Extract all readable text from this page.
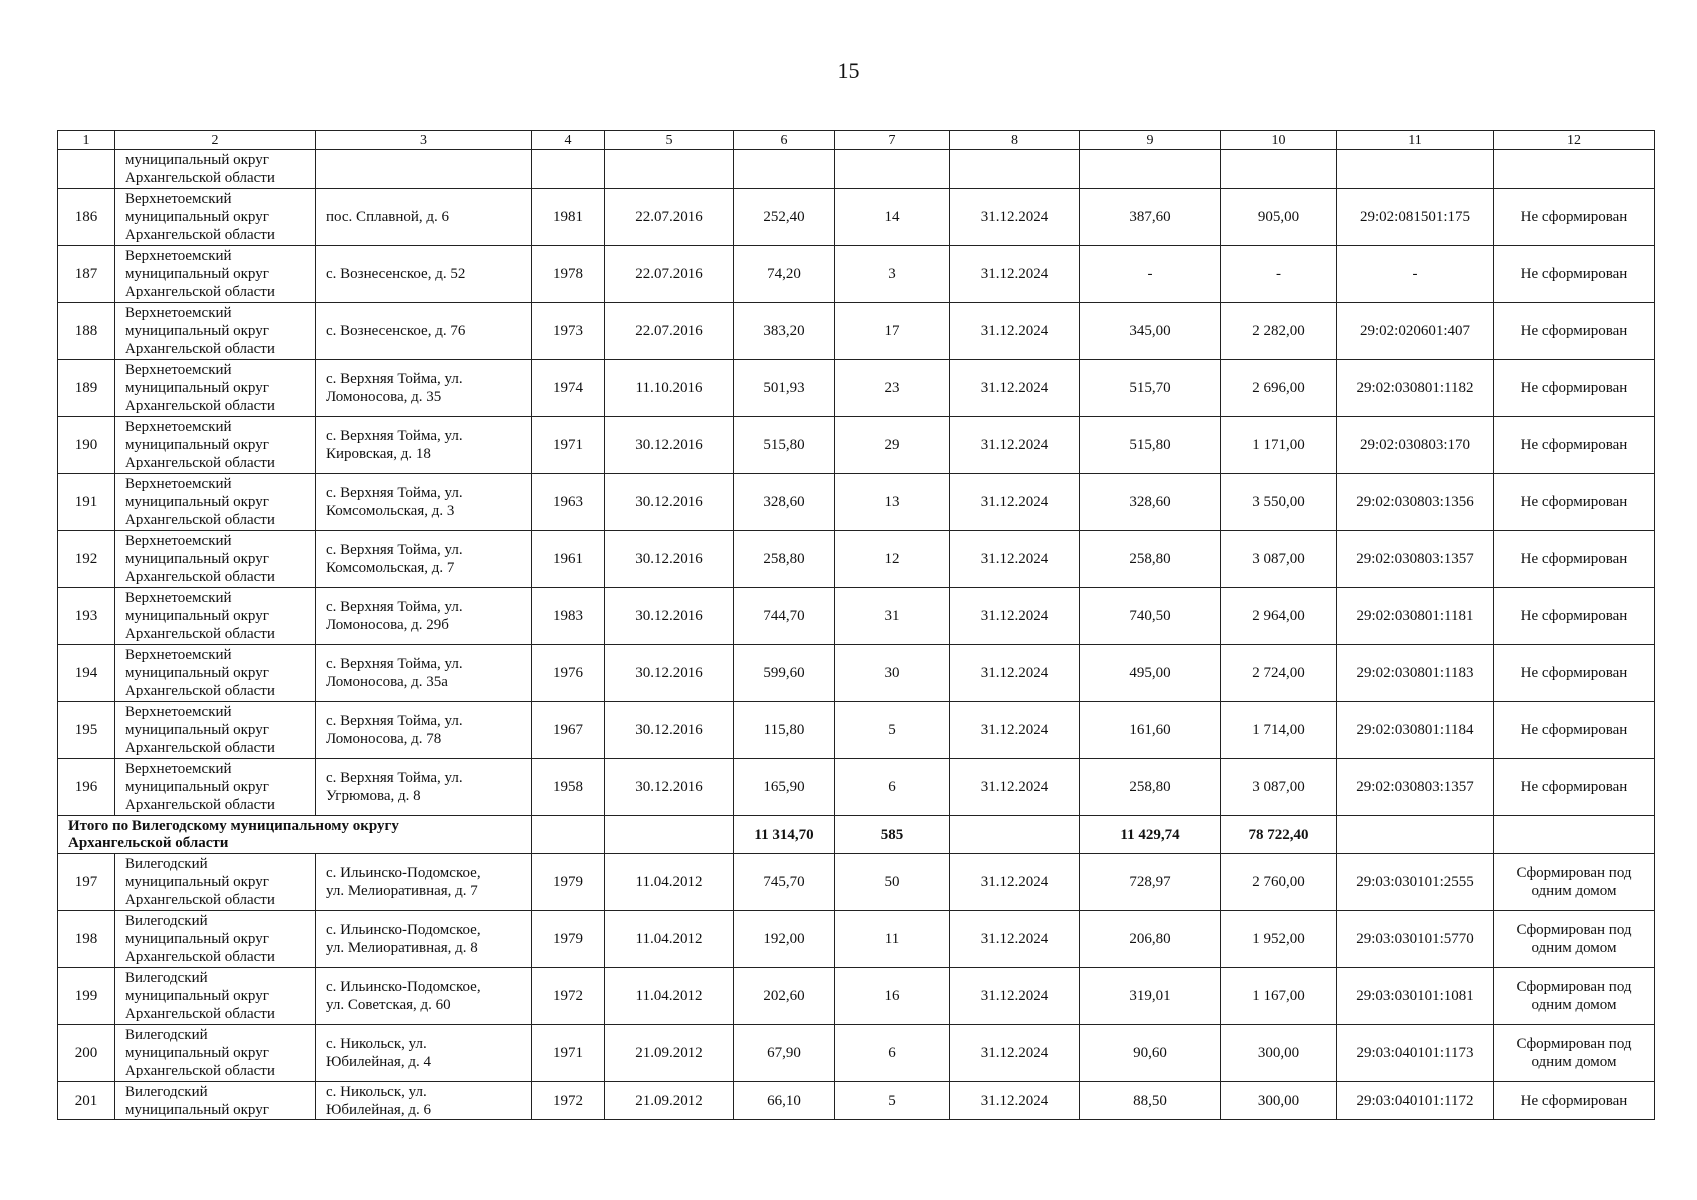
15
1	2	3	4	5	6	7	8	9	10	11	12

	муниципальный округ
Архангельской области										

186	Верхнетоемский
муниципальный округ
Архангельской области	пос. Сплавной, д. 6	1981	22.07.2016	252,40	14	31.12.2024	387,60	905,00	29:02:081501:175	Не сформирован

187	Верхнетоемский
муниципальный округ
Архангельской области	с. Вознесенское, д. 52	1978	22.07.2016	74,20	3	31.12.2024	-	-	-	Не сформирован

188	Верхнетоемский
муниципальный округ
Архангельской области	с. Вознесенское, д. 76	1973	22.07.2016	383,20	17	31.12.2024	345,00	2 282,00	29:02:020601:407	Не сформирован

189	Верхнетоемский
муниципальный округ
Архангельской области	с. Верхняя Тойма, ул.
Ломоносова, д. 35	1974	11.10.2016	501,93	23	31.12.2024	515,70	2 696,00	29:02:030801:1182	Не сформирован

190	Верхнетоемский
муниципальный округ
Архангельской области	с. Верхняя Тойма, ул.
Кировская, д. 18	1971	30.12.2016	515,80	29	31.12.2024	515,80	1 171,00	29:02:030803:170	Не сформирован

191	Верхнетоемский
муниципальный округ
Архангельской области	с. Верхняя Тойма, ул.
Комсомольская, д. 3	1963	30.12.2016	328,60	13	31.12.2024	328,60	3 550,00	29:02:030803:1356	Не сформирован

192	Верхнетоемский
муниципальный округ
Архангельской области	с. Верхняя Тойма, ул.
Комсомольская, д. 7	1961	30.12.2016	258,80	12	31.12.2024	258,80	3 087,00	29:02:030803:1357	Не сформирован

193	Верхнетоемский
муниципальный округ
Архангельской области	с. Верхняя Тойма, ул.
Ломоносова, д. 29б	1983	30.12.2016	744,70	31	31.12.2024	740,50	2 964,00	29:02:030801:1181	Не сформирован

194	Верхнетоемский
муниципальный округ
Архангельской области	с. Верхняя Тойма, ул.
Ломоносова, д. 35а	1976	30.12.2016	599,60	30	31.12.2024	495,00	2 724,00	29:02:030801:1183	Не сформирован

195	Верхнетоемский
муниципальный округ
Архангельской области	с. Верхняя Тойма, ул.
Ломоносова, д. 78	1967	30.12.2016	115,80	5	31.12.2024	161,60	1 714,00	29:02:030801:1184	Не сформирован

196	Верхнетоемский
муниципальный округ
Архангельской области	с. Верхняя Тойма, ул.
Угрюмова, д. 8	1958	30.12.2016	165,90	6	31.12.2024	258,80	3 087,00	29:02:030803:1357	Не сформирован

Итого по Вилегодскому муниципальному округу
Архангельской области					11 314,70	585		11 429,74	78 722,40		
197	Вилегодский
муниципальный округ
Архангельской области	с. Ильинско-Подомское,
ул. Мелиоративная, д. 7	1979	11.04.2012	745,70	50	31.12.2024	728,97	2 760,00	29:03:030101:2555	Сформирован под
одним домом

198	Вилегодский
муниципальный округ
Архангельской области	с. Ильинско-Подомское,
ул. Мелиоративная, д. 8	1979	11.04.2012	192,00	11	31.12.2024	206,80	1 952,00	29:03:030101:5770	Сформирован под
одним домом

199	Вилегодский
муниципальный округ
Архангельской области	с. Ильинско-Подомское,
ул. Советская, д. 60	1972	11.04.2012	202,60	16	31.12.2024	319,01	1 167,00	29:03:030101:1081	Сформирован под
одним домом

200	Вилегодский
муниципальный округ
Архангельской области	с. Никольск, ул.
Юбилейная, д. 4	1971	21.09.2012	67,90	6	31.12.2024	90,60	300,00	29:03:040101:1173	Сформирован под
одним домом

201	Вилегодский
муниципальный округ	с. Никольск, ул.
Юбилейная, д. 6	1972	21.09.2012	66,10	5	31.12.2024	88,50	300,00	29:03:040101:1172	Не сформирован
